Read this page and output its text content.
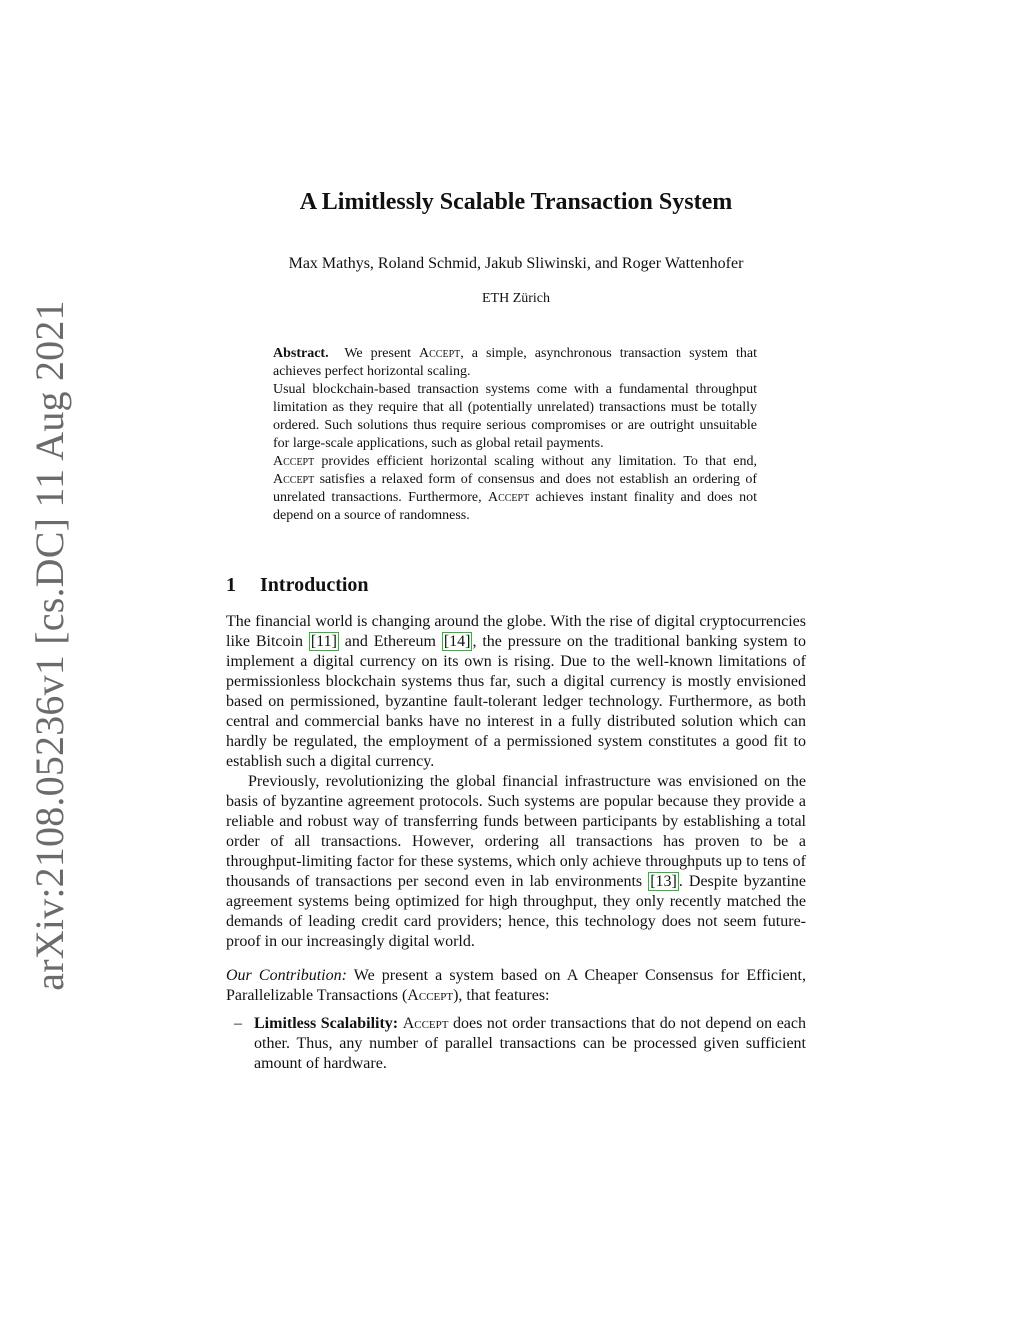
arXiv:2108.05236v1 [cs.DC] 11 Aug 2021
A Limitlessly Scalable Transaction System
Max Mathys, Roland Schmid, Jakub Sliwinski, and Roger Wattenhofer
ETH Zürich

Abstract. We present Accept, a simple, asynchronous transaction system that achieves perfect horizontal scaling.

Usual blockchain-based transaction systems come with a fundamental throughput limitation as they require that all (potentially unrelated) transactions must be totally ordered. Such solutions thus require serious compromises or are outright unsuitable for large-scale applications, such as global retail payments.

Accept provides efficient horizontal scaling without any limitation. To that end, Accept satisfies a relaxed form of consensus and does not establish an ordering of unrelated transactions. Furthermore, Accept achieves instant finality and does not depend on a source of randomness.

1 Introduction

The financial world is changing around the globe. With the rise of digital cryptocurrencies like Bitcoin [11] and Ethereum [14] , the pressure on the traditional banking system to implement a digital currency on its own is rising. Due to the well-known limitations of permissionless blockchain systems thus far, such a digital currency is mostly envisioned based on permissioned, byzantine fault-tolerant ledger technology. Furthermore, as both central and commercial banks have no interest in a fully distributed solution which can hardly be regulated, the employment of a permissioned system constitutes a good fit to establish such a digital currency.

Previously, revolutionizing the global financial infrastructure was envisioned on the basis of byzantine agreement protocols. Such systems are popular because they provide a reliable and robust way of transferring funds between participants by establishing a total order of all transactions. However, ordering all transactions has proven to be a throughput-limiting factor for these systems, which only achieve throughputs up to tens of thousands of transactions per second even in lab environments [13] . Despite byzantine agreement systems being optimized for high throughput, they only recently matched the demands of leading credit card providers; hence, this technology does not seem future-proof in our increasingly digital world.

Our Contribution: We present a system based on A Cheaper Consensus for Efficient, Parallelizable Transactions (Accept), that features:

– Limitless Scalability: Accept does not order transactions that do not depend on each other. Thus, any number of parallel transactions can be processed given sufficient amount of hardware.
